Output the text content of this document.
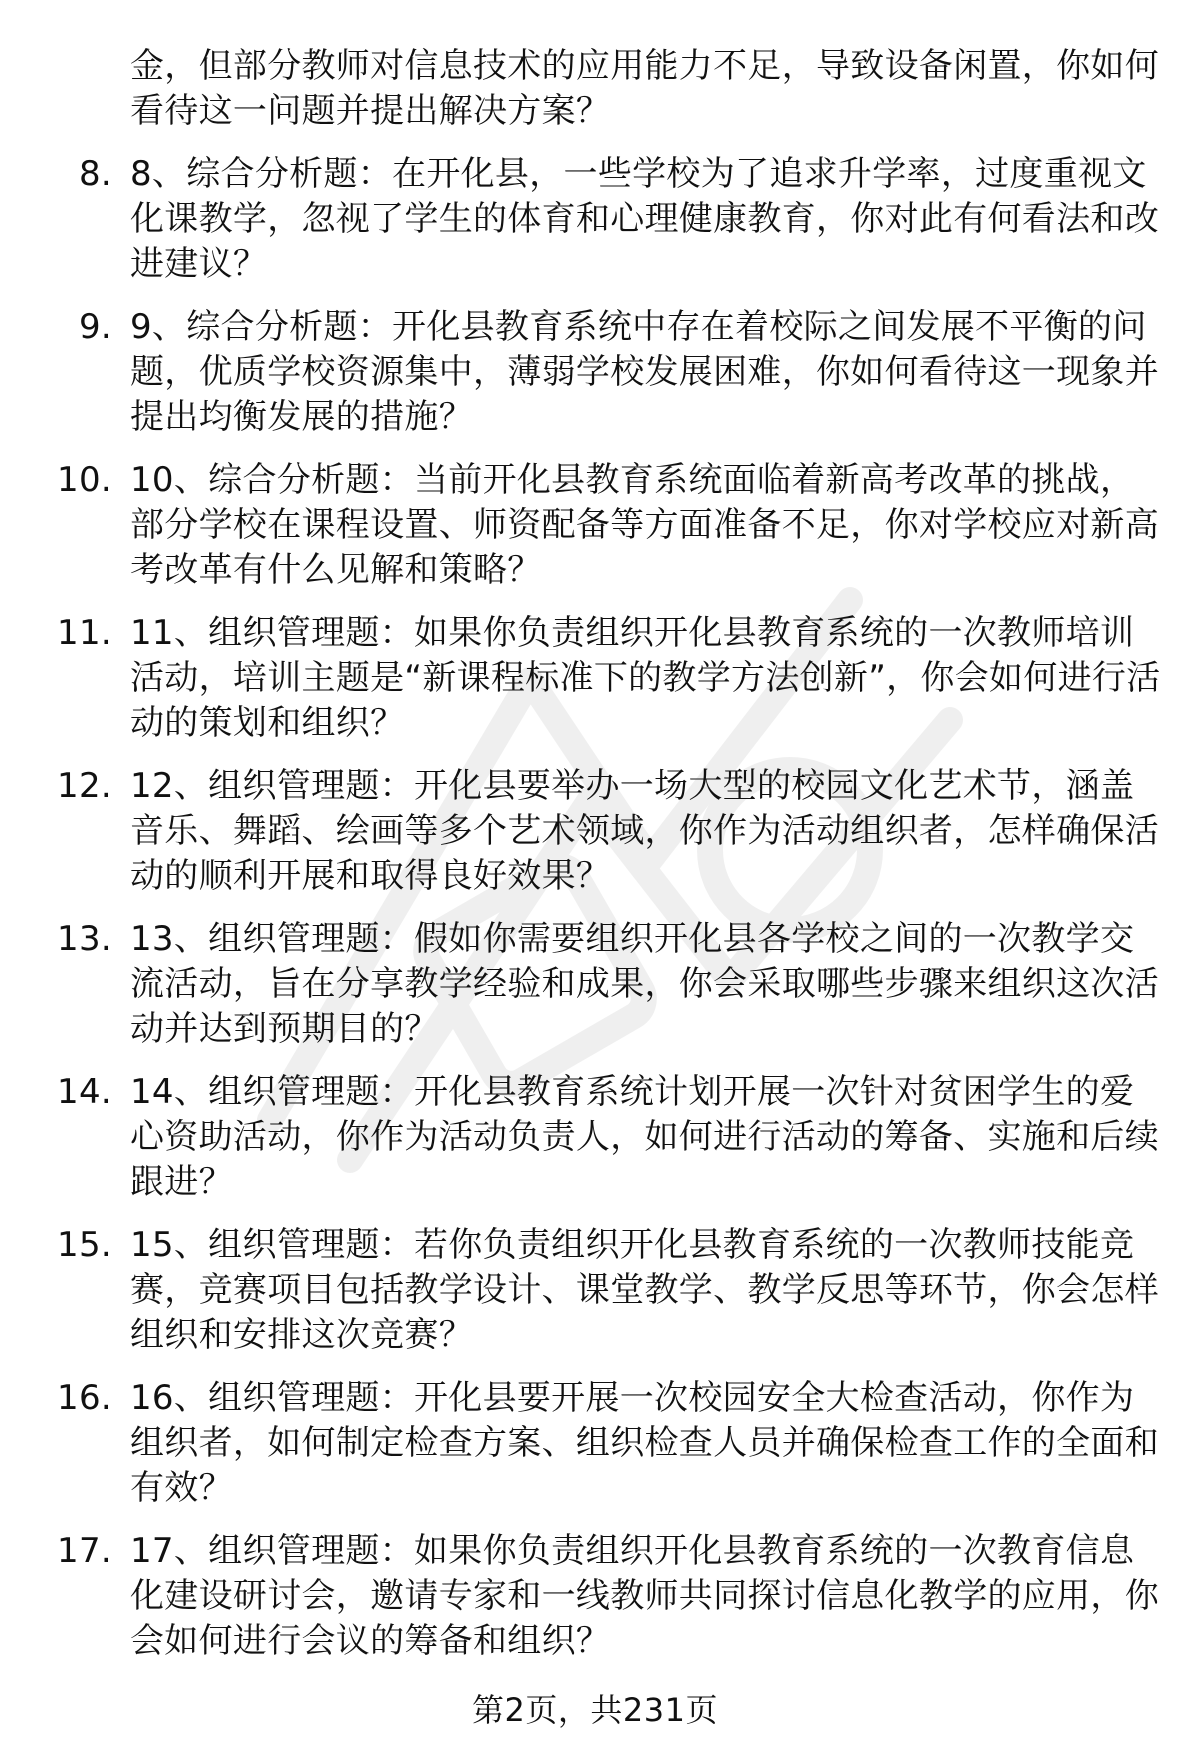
金，但部分教师对信息技术的应用能力不足，导致设备闲置，你如何看待这一问题并提出解决方案？

8. 8、综合分析题：在开化县，一些学校为了追求升学率，过度重视文化课教学，忽视了学生的体育和心理健康教育，你对此有何看法和改进建议？
9. 9、综合分析题：开化县教育系统中存在着校际之间发展不平衡的问题，优质学校资源集中，薄弱学校发展困难，你如何看待这一现象并提出均衡发展的措施？
10. 10、综合分析题：当前开化县教育系统面临着新高考改革的挑战，部分学校在课程设置、师资配备等方面准备不足，你对学校应对新高考改革有什么见解和策略？
11. 11、组织管理题：如果你负责组织开化县教育系统的一次教师培训活动，培训主题是“新课程标准下的教学方法创新”，你会如何进行活动的策划和组织？
12. 12、组织管理题：开化县要举办一场大型的校园文化艺术节，涵盖音乐、舞蹈、绘画等多个艺术领域，你作为活动组织者，怎样确保活动的顺利开展和取得良好效果？
13. 13、组织管理题：假如你需要组织开化县各学校之间的一次教学交流活动，旨在分享教学经验和成果，你会采取哪些步骤来组织这次活动并达到预期目的？
14. 14、组织管理题：开化县教育系统计划开展一次针对贫困学生的爱心资助活动，你作为活动负责人，如何进行活动的筹备、实施和后续跟进？
15. 15、组织管理题：若你负责组织开化县教育系统的一次教师技能竞赛，竞赛项目包括教学设计、课堂教学、教学反思等环节，你会怎样组织和安排这次竞赛？
16. 16、组织管理题：开化县要开展一次校园安全大检查活动，你作为组织者，如何制定检查方案、组织检查人员并确保检查工作的全面和有效？
17. 17、组织管理题：如果你负责组织开化县教育系统的一次教育信息化建设研讨会，邀请专家和一线教师共同探讨信息化教学的应用，你会如何进行会议的筹备和组织？
第2页，共231页
